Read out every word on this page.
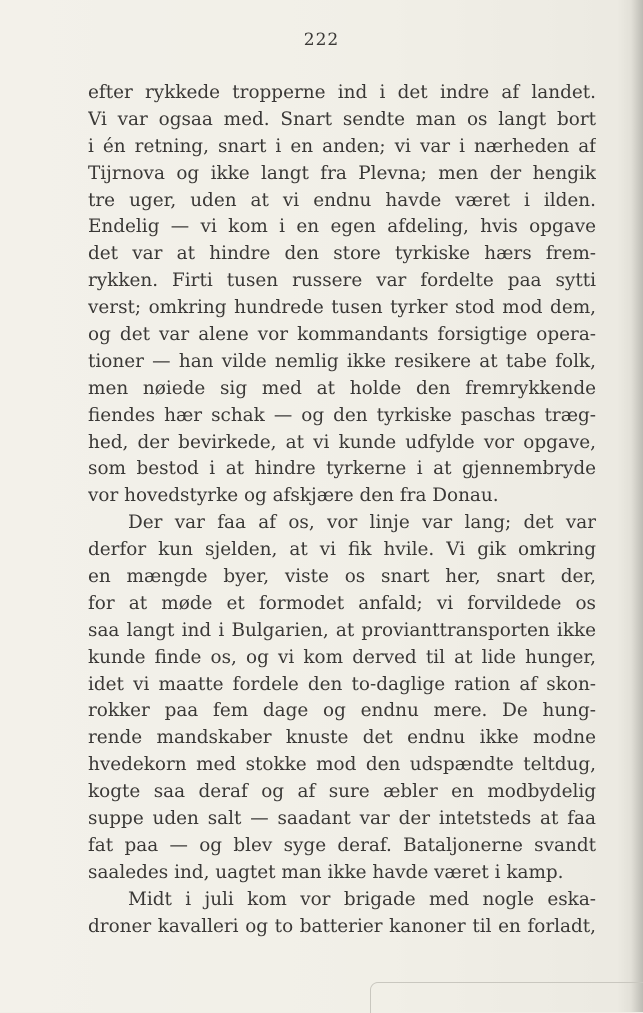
222
efter rykkede tropperne ind i det indre af landet.
Vi var ogsaa med. Snart sendte man os langt bort
i én retning, snart i en anden; vi var i nærheden af
Tijrnova og ikke langt fra Plevna; men der hengik
tre uger, uden at vi endnu havde været i ilden.
Endelig — vi kom i en egen afdeling, hvis opgave
det var at hindre den store tyrkiske hærs frem-
rykken. Firti tusen russere var fordelte paa sytti
verst; omkring hundrede tusen tyrker stod mod dem,
og det var alene vor kommandants forsigtige opera-
tioner — han vilde nemlig ikke resikere at tabe folk,
men nøiede sig med at holde den fremrykkende
fiendes hær schak — og den tyrkiske paschas træg-
hed, der bevirkede, at vi kunde udfylde vor opgave,
som bestod i at hindre tyrkerne i at gjennembryde
vor hovedstyrke og afskjære den fra Donau.
Der var faa af os, vor linje var lang; det var
derfor kun sjelden, at vi fik hvile. Vi gik omkring
en mængde byer, viste os snart her, snart der,
for at møde et formodet anfald; vi forvildede os
saa langt ind i Bulgarien, at provianttransporten ikke
kunde finde os, og vi kom derved til at lide hunger,
idet vi maatte fordele den to-daglige ration af skon-
rokker paa fem dage og endnu mere. De hung-
rende mandskaber knuste det endnu ikke modne
hvedekorn med stokke mod den udspændte teltdug,
kogte saa deraf og af sure æbler en modbydelig
suppe uden salt — saadant var der intetsteds at faa
fat paa — og blev syge deraf. Bataljonerne svandt
saaledes ind, uagtet man ikke havde været i kamp.
Midt i juli kom vor brigade med nogle eska-
droner kavalleri og to batterier kanoner til en forladt,
